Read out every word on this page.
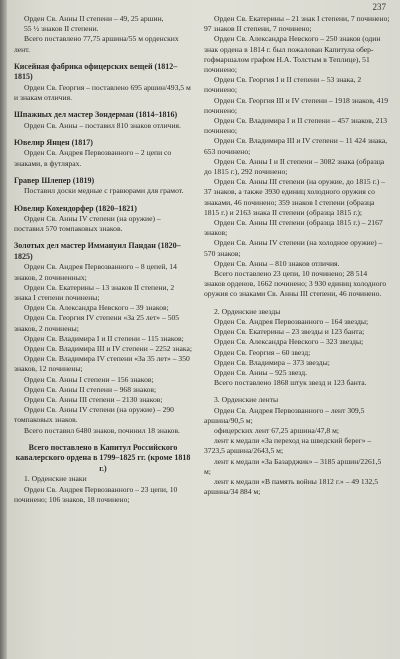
237
Орден Св. Анны II степени – 49, 25 аршин,
55 ½ знаков II степени.
Всего поставлено 77,75 аршина/55 м орденских лент.
Кисейная фабрика офицерских вещей (1812–1815)
Орден Св. Георгия – поставлено 695 аршин/493,5 м и знакам отличия.
Шпажных дел мастер Зондерман (1814–1816)
Орден Св. Анны – поставил 810 знаков отличия.
Ювелир Янцен (1817)
Орден Св. Андрея Первозванного – 2 цепи со знаками, в футлярах.
Гравер Шлепер (1819)
Поставил доски медные с гравюрами для грамот.
Ювелир Кохендорфер (1820–1821)
Орден Св. Анны IV степени (на оружие) – поставил 570 томпаковых знаков.
Золотых дел мастер Иммануил Пандан (1820–1825)
Орден Св. Андрея Первозванного – 8 цепей, 14 знаков, 2 починенных;
Орден Св. Екатерины – 13 знаков II степени, 2 знака I степени починены;
Орден Св. Александра Невского – 39 знаков;
Орден Св. Георгия IV степени «За 25 лет» – 505 знаков, 2 починены;
Орден Св. Владимира I и II степени – 115 знаков;
Орден Св. Владимира III и IV степени – 2252 знака;
Орден Св. Владимира IV степени «За 35 лет» – 350 знаков, 12 починены;
Орден Св. Анны I степени – 156 знаков;
Орден Св. Анны II степени – 968 знаков;
Орден Св. Анны III степени – 2130 знаков;
Орден Св. Анны IV степени (на оружие) – 290 томпаковых знаков.
Всего поставил 6480 знаков, починил 18 знаков.
Всего поставлено в Капитул Российского кавалерского ордена в 1799–1825 гг. (кроме 1818 г.)
1. Орденские знаки
Орден Св. Андрея Первозванного – 23 цепи, 10 починено; 106 знаков, 18 починено;
Орден Св. Екатерины – 21 знак I степени, 7 починено; 97 знаков II степени, 7 починено;
Орден Св. Александра Невского – 250 знаков (один знак ордена в 1814 г. был пожалован Капитула обер-гофмаршалом графом Н.А. Толстым в Теплице), 51 починено;
Орден Св. Георгия I и II степени – 53 знака, 2 починено;
Орден Св. Георгия III и IV степени – 1918 знаков, 419 починено;
Орден Св. Владимира I и II степени – 457 знаков, 213 починено;
Орден Св. Владимира III и IV степени – 11 424 знака, 653 починено;
Орден Св. Анны I и II степени – 3082 знака (образца до 1815 г.), 292 починено;
Орден Св. Анны III степени (на оружие, до 1815 г.) – 37 знаков, а также 3930 единиц холодного оружия со знаками, 46 починено; 359 знаков I степени (образца 1815 г.) и 2163 знака II степени (образца 1815 г.);
Орден Св. Анны III степени (образца 1815 г.) – 2167 знаков;
Орден Св. Анны IV степени (на холодное оружие) – 570 знаков;
Орден Св. Анны – 810 знаков отличия.
Всего поставлено 23 цепи, 10 починено; 28 514 знаков орденов, 1662 починено; 3 930 единиц холодного оружия со знаками Св. Анны III степени, 46 починено.
2. Орденские звезды
Орден Св. Андрея Первозванного – 164 звезды;
Орден Св. Екатерины – 23 звезды и 123 банта;
Орден Св. Александра Невского – 323 звезды;
Орден Св. Георгия – 60 звезд;
Орден Св. Владимира – 373 звезды;
Орден Св. Анны – 925 звезд.
Всего поставлено 1868 штук звезд и 123 банта.
3. Орденские ленты
Орден Св. Андрея Первозванного – лент 309,5 аршина/90,5 м;
офицерских лент 67,25 аршина/47,8 м;
лент к медали «За переход на шведский берег» – 3723,5 аршина/2643,5 м;
лент к медали «За Базарджик» – 3185 аршин/2261,5 м;
лент к медали «В память войны 1812 г.» – 49 132,5 аршина/34 884 м;
